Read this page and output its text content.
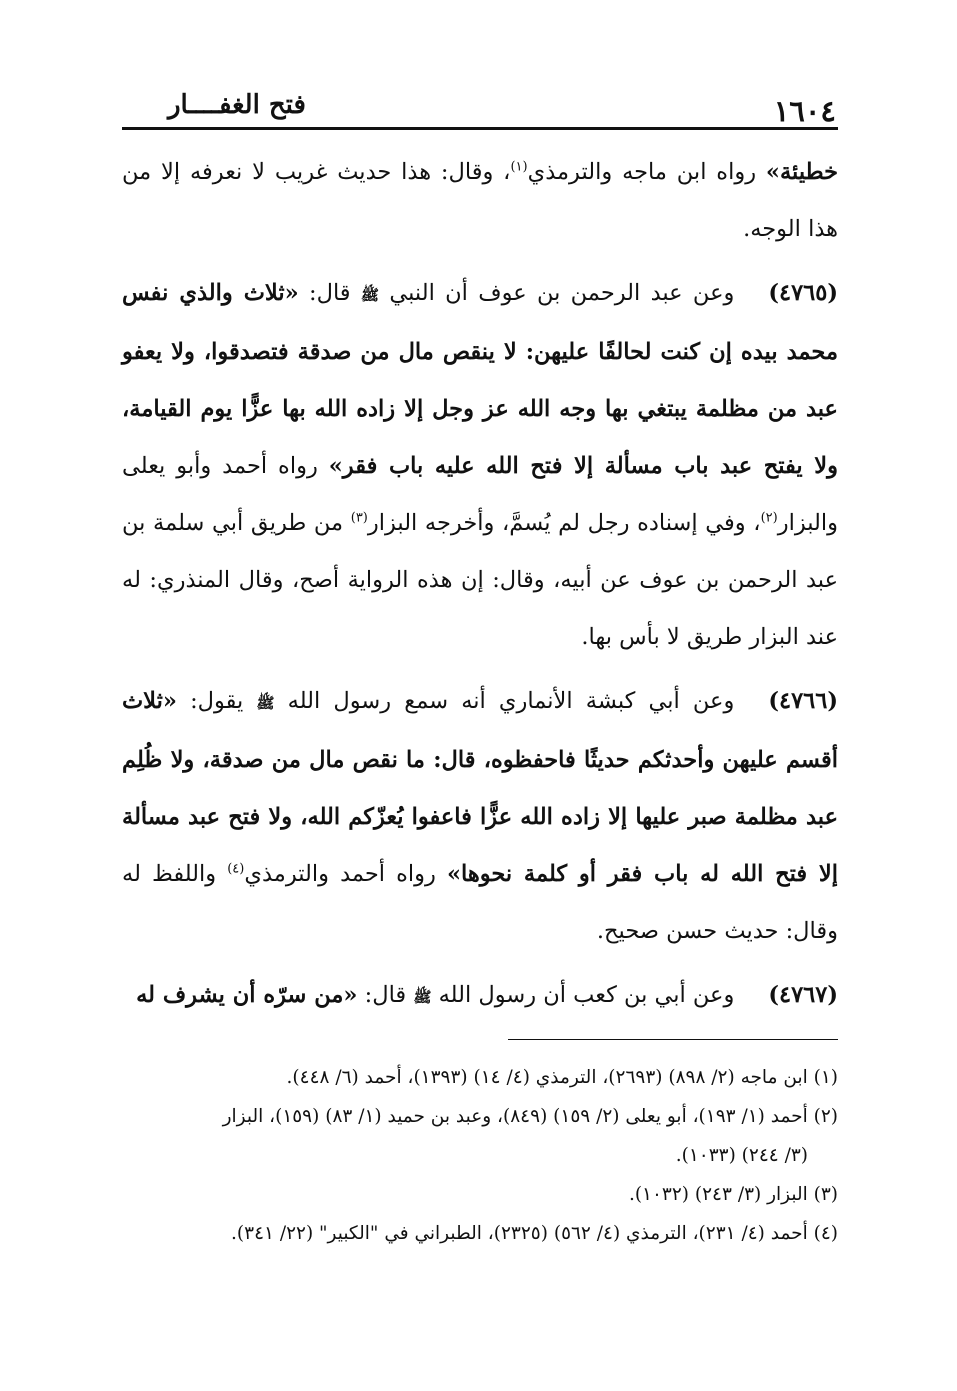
١٦٠٤
فتح الغفــــار

خطيئة» رواه ابن ماجه والترمذي$^{(١)}$، وقال: هذا حديث غريب لا نعرفه إلا من هذا الوجه.

(٤٧٦٥)وعن عبد الرحمن بن عوف أن النبي ﷺ قال: «ثلاث والذي نفس محمد بيده إن كنت لحالفًا عليهن: لا ينقص مال من صدقة فتصدقوا، ولا يعفو عبد من مظلمة يبتغي بها وجه الله عز وجل إلا زاده الله بها عزًّا يوم القيامة، ولا يفتح عبد باب مسألة إلا فتح الله عليه باب فقر» رواه أحمد وأبو يعلى والبزار$^{(٢)}$، وفي إسناده رجل لم يُسمَّ، وأخرجه البزار$^{(٣)}$ من طريق أبي سلمة بن عبد الرحمن بن عوف عن أبيه، وقال: إن هذه الرواية أصح، وقال المنذري: له عند البزار طريق لا بأس بها.

(٤٧٦٦)وعن أبي كبشة الأنماري أنه سمع رسول الله ﷺ يقول: «ثلاث أقسم عليهن وأحدثكم حديثًا فاحفظوه، قال: ما نقص مال من صدقة، ولا ظُلِم عبد مظلمة صبر عليها إلا زاده الله عزًّا فاعفوا يُعزّكم الله، ولا فتح عبد مسألة إلا فتح الله له باب فقر أو كلمة نحوها» رواه أحمد والترمذي$^{(٤)}$ واللفظ له وقال: حديث حسن صحيح.

(٤٧٦٧)وعن أبي بن كعب أن رسول الله ﷺ قال: «من سرّه أن يشرف له

(١) ابن ماجه (٢/ ٨٩٨) (٢٦٩٣)، الترمذي (٤/ ١٤) (١٣٩٣)، أحمد (٦/ ٤٤٨).

(٢) أحمد (١/ ١٩٣)، أبو يعلى (٢/ ١٥٩) (٨٤٩)، وعبد بن حميد (١/ ٨٣) (١٥٩)، البزار

(٣/ ٢٤٤) (١٠٣٣).

(٣) البزار (٣/ ٢٤٣) (١٠٣٢).

(٤) أحمد (٤/ ٢٣١)، الترمذي (٤/ ٥٦٢) (٢٣٢٥)، الطبراني في "الكبير" (٢٢/ ٣٤١).
